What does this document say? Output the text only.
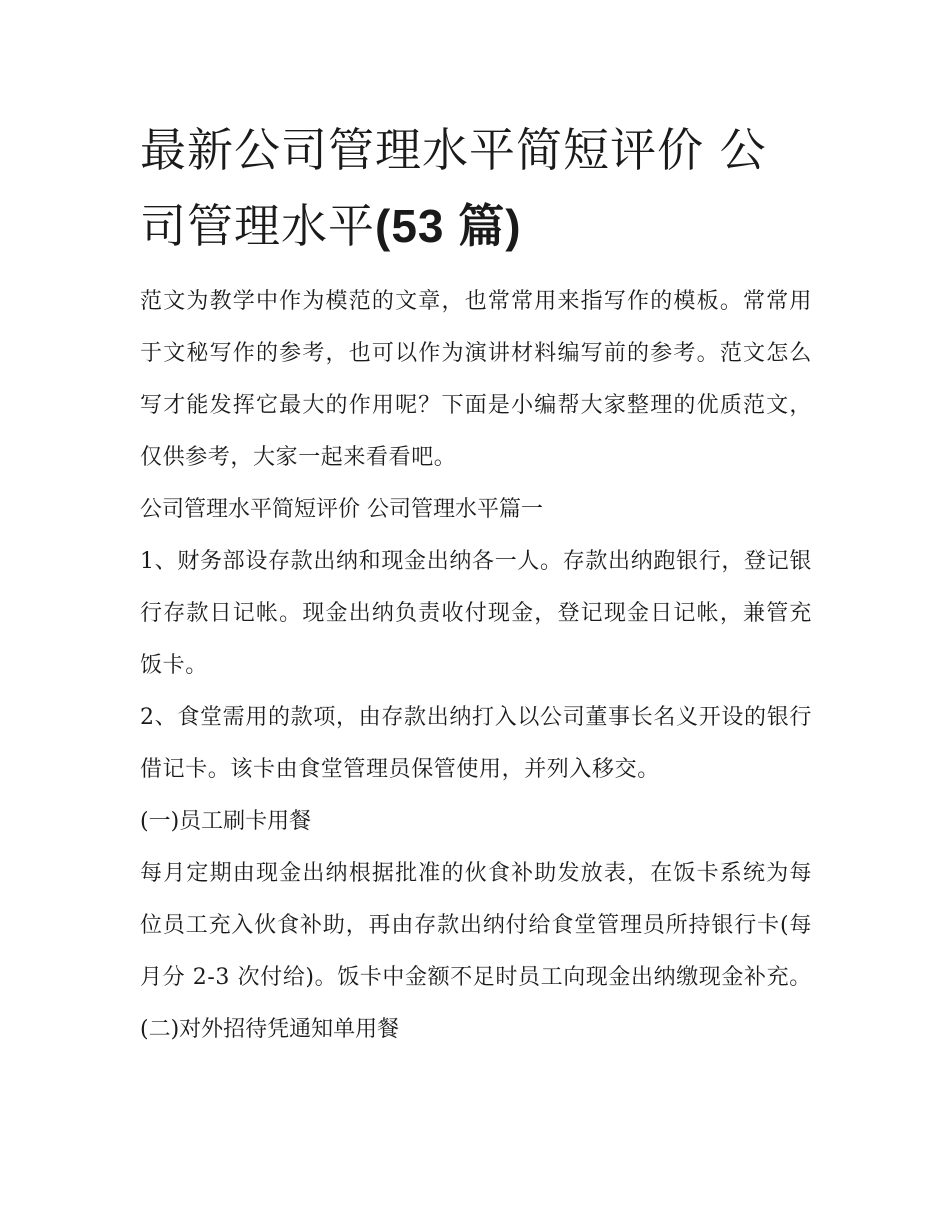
最新公司管理水平简短评价 公司管理水平(53 篇)

范文为教学中作为模范的文章，也常常用来指写作的模板。常常用于文秘写作的参考，也可以作为演讲材料编写前的参考。范文怎么写才能发挥它最大的作用呢？下面是小编帮大家整理的优质范文，仅供参考，大家一起来看看吧。

公司管理水平简短评价 公司管理水平篇一

1、财务部设存款出纳和现金出纳各一人。存款出纳跑银行，登记银行存款日记帐。现金出纳负责收付现金，登记现金日记帐，兼管充饭卡。

2、食堂需用的款项，由存款出纳打入以公司董事长名义开设的银行借记卡。该卡由食堂管理员保管使用，并列入移交。

(一)员工刷卡用餐

每月定期由现金出纳根据批准的伙食补助发放表，在饭卡系统为每位员工充入伙食补助，再由存款出纳付给食堂管理员所持银行卡(每月分 2-3 次付给)。饭卡中金额不足时员工向现金出纳缴现金补充。

(二)对外招待凭通知单用餐
